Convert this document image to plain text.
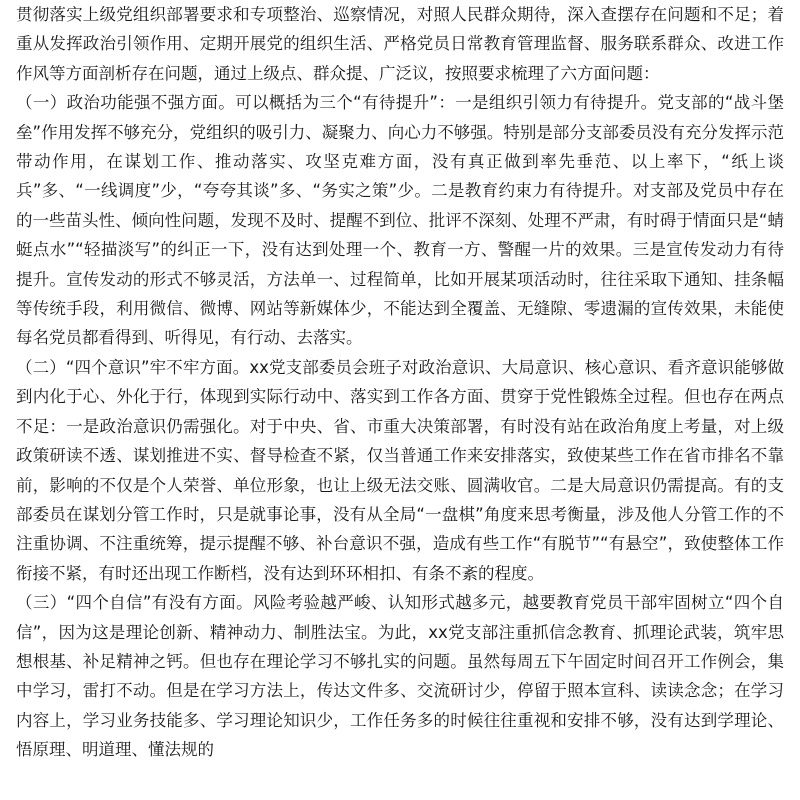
贯彻落实上级党组织部署要求和专项整治、巡察情况，对照人民群众期待，深入查摆存在问题和不足；着重从发挥政治引领作用、定期开展党的组织生活、严格党员日常教育管理监督、服务联系群众、改进工作作风等方面剖析存在问题，通过上级点、群众提、广泛议，按照要求梳理了六方面问题：

（一）政治功能强不强方面。可以概括为三个“有待提升”：一是组织引领力有待提升。党支部的“战斗堡垒”作用发挥不够充分，党组织的吸引力、凝聚力、向心力不够强。特别是部分支部委员没有充分发挥示范带动作用，在谋划工作、推动落实、攻坚克难方面，没有真正做到率先垂范、以上率下，“纸上谈兵”多、“一线调度”少，“夸夸其谈”多、“务实之策”少。二是教育约束力有待提升。对支部及党员中存在的一些苗头性、倾向性问题，发现不及时、提醒不到位、批评不深刻、处理不严肃，有时碍于情面只是“蜻蜓点水”“轻描淡写”的纠正一下，没有达到处理一个、教育一方、警醒一片的效果。三是宣传发动力有待提升。宣传发动的形式不够灵活，方法单一、过程简单，比如开展某项活动时，往往采取下通知、挂条幅等传统手段，利用微信、微博、网站等新媒体少，不能达到全覆盖、无缝隙、零遗漏的宣传效果，未能使每名党员都看得到、听得见，有行动、去落实。

（二）“四个意识”牢不牢方面。xx党支部委员会班子对政治意识、大局意识、核心意识、看齐意识能够做到内化于心、外化于行，体现到实际行动中、落实到工作各方面、贯穿于党性锻炼全过程。但也存在两点不足：一是政治意识仍需强化。对于中央、省、市重大决策部署，有时没有站在政治角度上考量，对上级政策研读不透、谋划推进不实、督导检查不紧，仅当普通工作来安排落实，致使某些工作在省市排名不靠前，影响的不仅是个人荣誉、单位形象，也让上级无法交账、圆满收官。二是大局意识仍需提高。有的支部委员在谋划分管工作时，只是就事论事，没有从全局“一盘棋”角度来思考衡量，涉及他人分管工作的不注重协调、不注重统筹，提示提醒不够、补台意识不强，造成有些工作“有脱节”“有悬空”，致使整体工作衔接不紧，有时还出现工作断档，没有达到环环相扣、有条不紊的程度。

（三）“四个自信”有没有方面。风险考验越严峻、认知形式越多元，越要教育党员干部牢固树立“四个自信”，因为这是理论创新、精神动力、制胜法宝。为此，xx党支部注重抓信念教育、抓理论武装，筑牢思想根基、补足精神之钙。但也存在理论学习不够扎实的问题。虽然每周五下午固定时间召开工作例会，集中学习，雷打不动。但是在学习方法上，传达文件多、交流研讨少，停留于照本宣科、读读念念；在学习内容上，学习业务技能多、学习理论知识少，工作任务多的时候往往重视和安排不够，没有达到学理论、悟原理、明道理、懂法规的
